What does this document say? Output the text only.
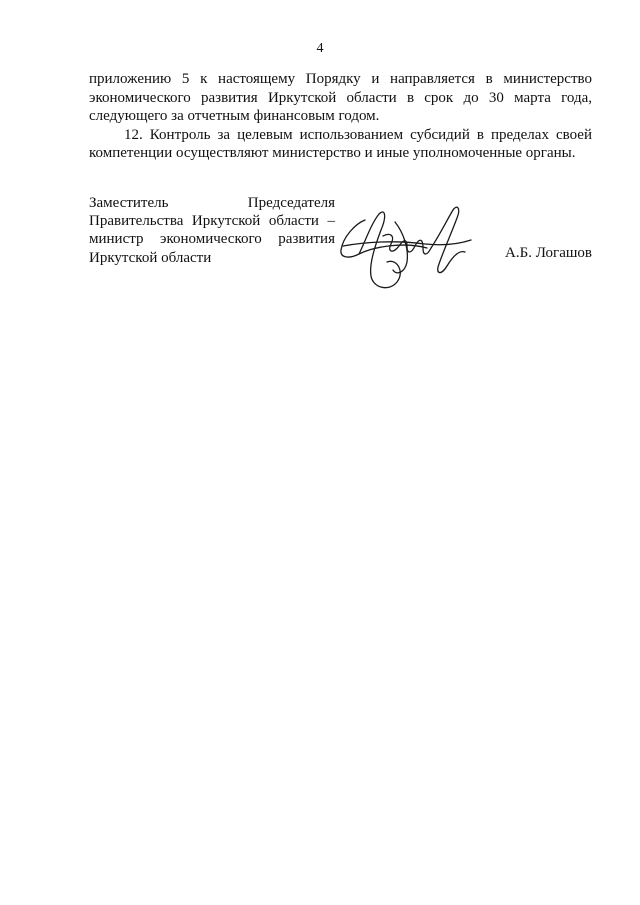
4

приложению 5 к настоящему Порядку и направляется в министерство экономического развития Иркутской области в срок до 30 марта года, следующего за отчетным финансовым годом.

12. Контроль за целевым использованием субсидий в пределах своей компетенции осуществляют министерство и иные уполномоченные органы.

Заместитель Председателя
Правительства Иркутской области –
министр экономического развития
Иркутской области	А.Б. Логашов
